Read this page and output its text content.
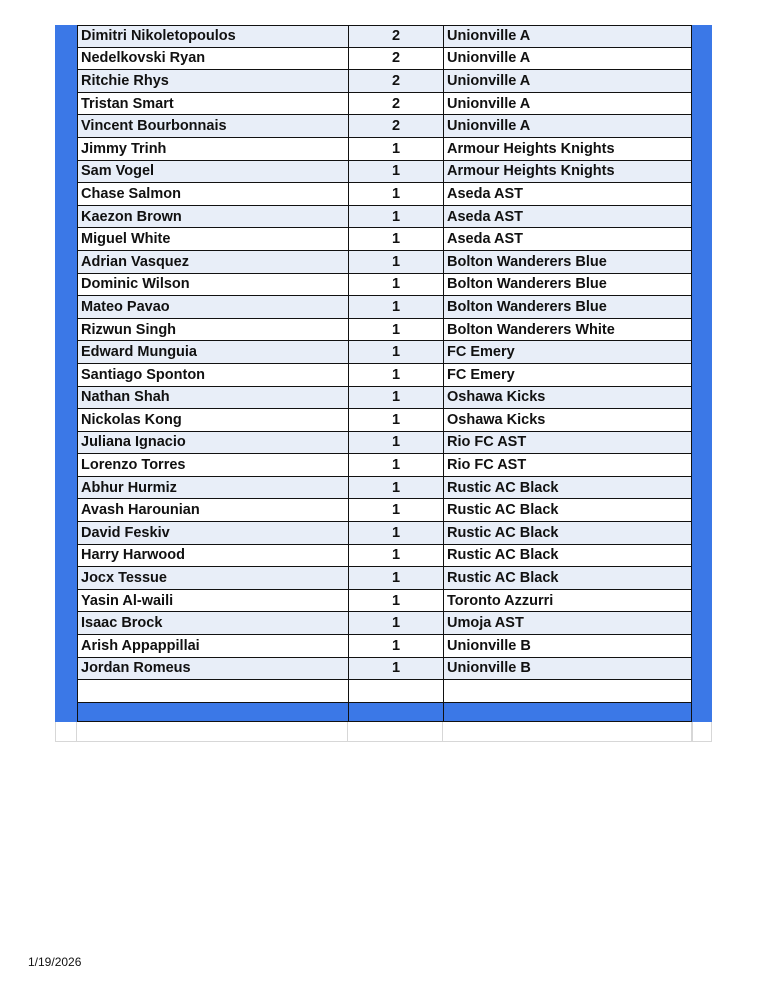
Dimitri Nikoletopoulos	2	Unionville A
Nedelkovski Ryan	2	Unionville A
Ritchie Rhys	2	Unionville A
Tristan Smart	2	Unionville A
Vincent Bourbonnais	2	Unionville A
Jimmy Trinh	1	Armour Heights Knights
Sam Vogel	1	Armour Heights Knights
Chase Salmon	1	Aseda AST
Kaezon Brown	1	Aseda AST
Miguel White	1	Aseda AST
Adrian Vasquez	1	Bolton Wanderers Blue
Dominic Wilson	1	Bolton Wanderers Blue
Mateo Pavao	1	Bolton Wanderers Blue
Rizwun Singh	1	Bolton Wanderers White
Edward Munguia	1	FC Emery
Santiago Sponton	1	FC Emery
Nathan Shah	1	Oshawa Kicks
Nickolas Kong	1	Oshawa Kicks
Juliana Ignacio	1	Rio FC AST
Lorenzo Torres	1	Rio FC AST
Abhur Hurmiz	1	Rustic AC Black
Avash Harounian	1	Rustic AC Black
David Feskiv	1	Rustic AC Black
Harry Harwood	1	Rustic AC Black
Jocx Tessue	1	Rustic AC Black
Yasin Al-waili	1	Toronto Azzurri
Isaac Brock	1	Umoja AST
Arish Appappillai	1	Unionville B
Jordan Romeus	1	Unionville B
1/19/2026
